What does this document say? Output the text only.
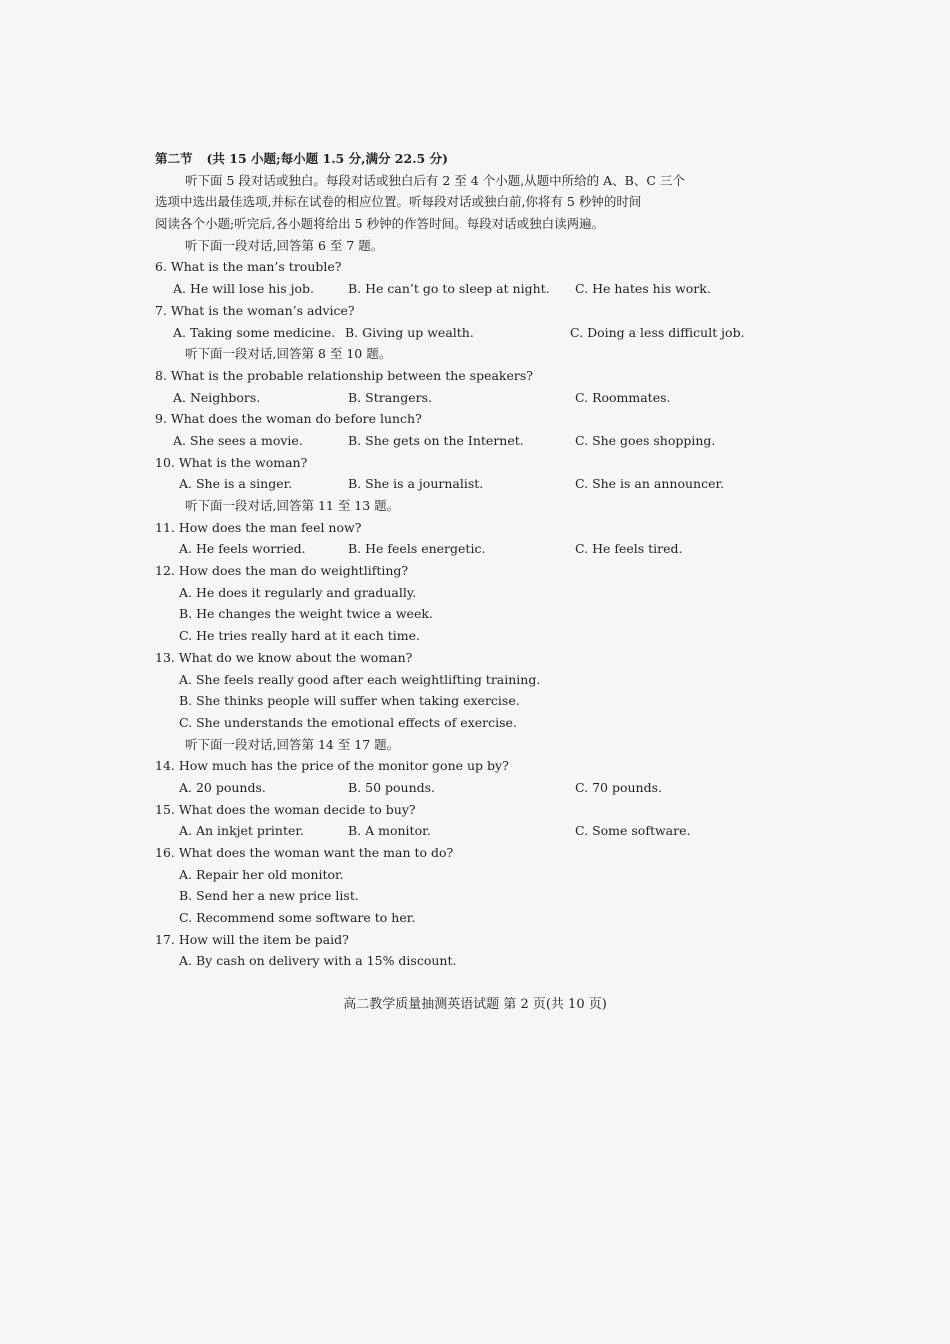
第二节 (共 15 小题;每小题 1.5 分,满分 22.5 分)
听下面 5 段对话或独白。每段对话或独白后有 2 至 4 个小题,从题中所给的 A、B、C 三个
选项中选出最佳选项,并标在试卷的相应位置。听每段对话或独白前,你将有 5 秒钟的时间
阅读各个小题;听完后,各小题将给出 5 秒钟的作答时间。每段对话或独白读两遍。
听下面一段对话,回答第 6 至 7 题。
6. What is the man’s trouble?
A. He will lose his job.	B. He can’t go to sleep at night. C. He hates his work.
7. What is the woman’s advice?
A. Taking some medicine. B. Giving up wealth.	C. Doing a less difficult job.
听下面一段对话,回答第 8 至 10 题。
8. What is the probable relationship between the speakers?
A. Neighbors.	B. Strangers.	C. Roommates.
9. What does the woman do before lunch?
A. She sees a movie.	B. She gets on the Internet.	C. She goes shopping.
10. What is the woman?
A. She is a singer.	B. She is a journalist.	C. She is an announcer.
听下面一段对话,回答第 11 至 13 题。
11. How does the man feel now?
A. He feels worried.	B. He feels energetic.	C. He feels tired.
12. How does the man do weightlifting?
A. He does it regularly and gradually.
B. He changes the weight twice a week.
C. He tries really hard at it each time.
13. What do we know about the woman?
A. She feels really good after each weightlifting training.
B. She thinks people will suffer when taking exercise.
C. She understands the emotional effects of exercise.
听下面一段对话,回答第 14 至 17 题。
14. How much has the price of the monitor gone up by?
A. 20 pounds.	B. 50 pounds.	C. 70 pounds.
15. What does the woman decide to buy?
A. An inkjet printer.	B. A monitor.	C. Some software.
16. What does the woman want the man to do?
A. Repair her old monitor.
B. Send her a new price list.
C. Recommend some software to her.
17. How will the item be paid?
A. By cash on delivery with a 15% discount.
高二教学质量抽测英语试题 第 2 页(共 10 页)
